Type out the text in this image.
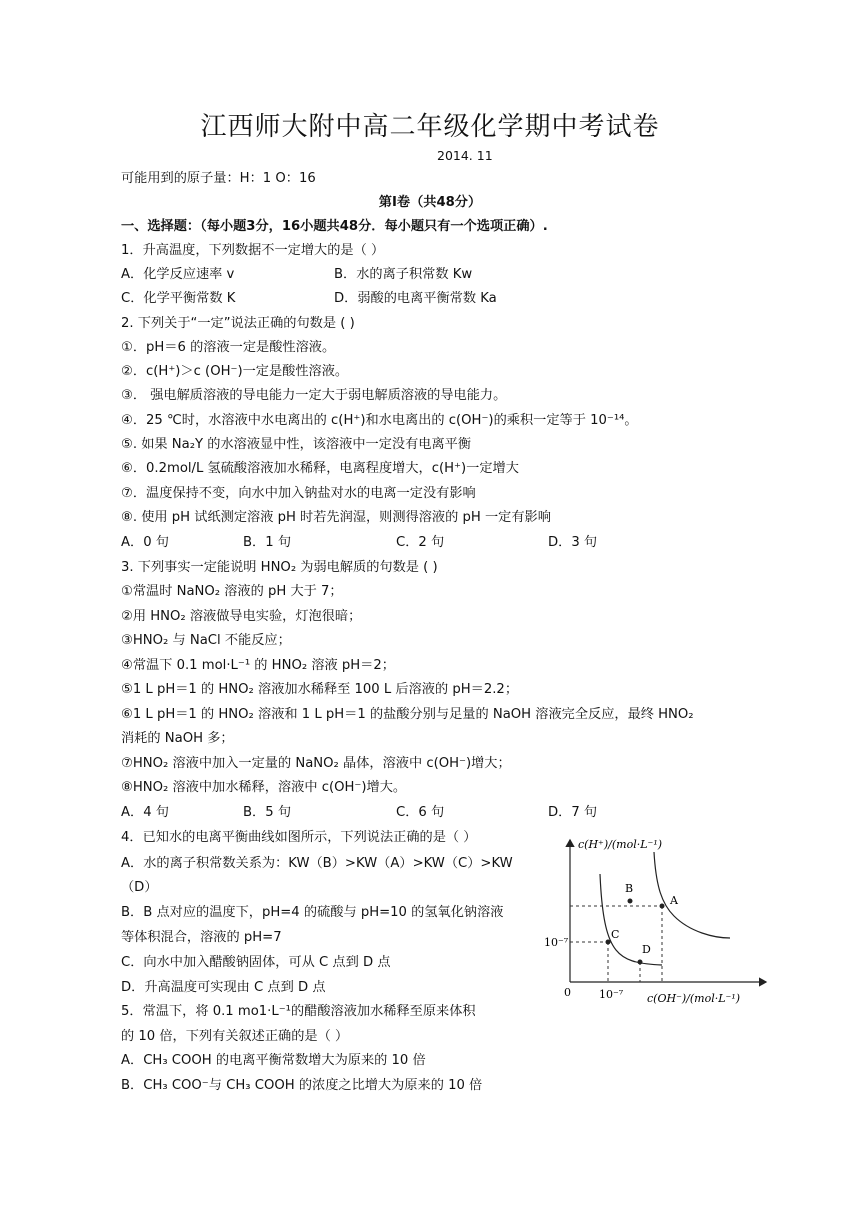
江西师大附中高二年级化学期中考试卷
2014. 11
可能用到的原子量：H：1 O：16
第Ⅰ卷（共48分）
一、选择题：（每小题3分，16小题共48分．每小题只有一个选项正确）.
1．升高温度，下列数据不一定增大的是（ ）
A．化学反应速率 v	B．水的离子积常数 Kw
C．化学平衡常数 K	D．弱酸的电离平衡常数 Ka
2. 下列关于“一定”说法正确的句数是 ( )
①．pH＝6 的溶液一定是酸性溶液。
②．c(H⁺)＞c (OH⁻)一定是酸性溶液。
③． 强电解质溶液的导电能力一定大于弱电解质溶液的导电能力。
④．25 ℃时，水溶液中水电离出的 c(H⁺)和水电离出的 c(OH⁻)的乘积一定等于 10⁻¹⁴。
⑤. 如果 Na₂Y 的水溶液显中性，该溶液中一定没有电离平衡
⑥．0.2mol/L 氢硫酸溶液加水稀释，电离程度增大，c(H⁺)一定增大
⑦．温度保持不变，向水中加入钠盐对水的电离一定没有影响
⑧. 使用 pH 试纸测定溶液 pH 时若先润湿，则测得溶液的 pH 一定有影响
A．0 句	B．1 句	C．2 句	D．3 句
3. 下列事实一定能说明 HNO₂ 为弱电解质的句数是 ( )
①常温时 NaNO₂ 溶液的 pH 大于 7；
②用 HNO₂ 溶液做导电实验，灯泡很暗；
③HNO₂ 与 NaCl 不能反应；
④常温下 0.1 mol·L⁻¹ 的 HNO₂ 溶液 pH＝2；
⑤1 L pH＝1 的 HNO₂ 溶液加水稀释至 100 L 后溶液的 pH＝2.2；
⑥1 L pH＝1 的 HNO₂ 溶液和 1 L pH＝1 的盐酸分别与足量的 NaOH 溶液完全反应，最终 HNO₂
消耗的 NaOH 多；
⑦HNO₂ 溶液中加入一定量的 NaNO₂ 晶体，溶液中 c(OH⁻)增大；
⑧HNO₂ 溶液中加水稀释，溶液中 c(OH⁻)增大。
A．4 句	B．5 句	C．6 句	D．7 句
4．已知水的电离平衡曲线如图所示，下列说法正确的是（ ）
A．水的离子积常数关系为：KW（B）>KW（A）>KW（C）>KW
（D）
B．B 点对应的温度下，pH=4 的硫酸与 pH=10 的氢氧化钠溶液
等体积混合，溶液的 pH=7
C．向水中加入醋酸钠固体，可从 C 点到 D 点
D．升高温度可实现由 C 点到 D 点
5．常温下，将 0.1 mo1·L⁻¹的醋酸溶液加水稀释至原来体积
的 10 倍，下列有关叙述正确的是（ ）
A．CH₃ COOH 的电离平衡常数增大为原来的 10 倍
B．CH₃ COO⁻与 CH₃ COOH 的浓度之比增大为原来的 10 倍
c(H⁺)/(mol·L⁻¹)
c(OH⁻)/(mol·L⁻¹)
10⁻⁷
10⁻⁷
0
B
A
C
D
